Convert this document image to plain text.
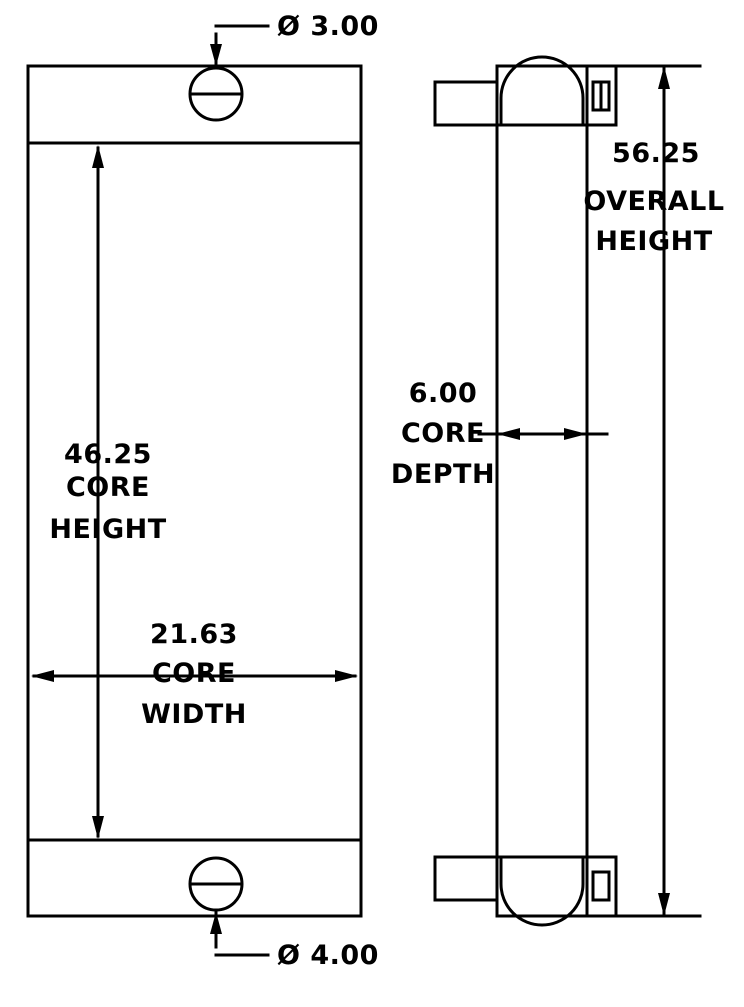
Ø 3.00
Ø 4.00
46.25
CORE
HEIGHT
21.63
CORE
WIDTH
6.00
CORE
DEPTH
56.25
OVERALL
HEIGHT
